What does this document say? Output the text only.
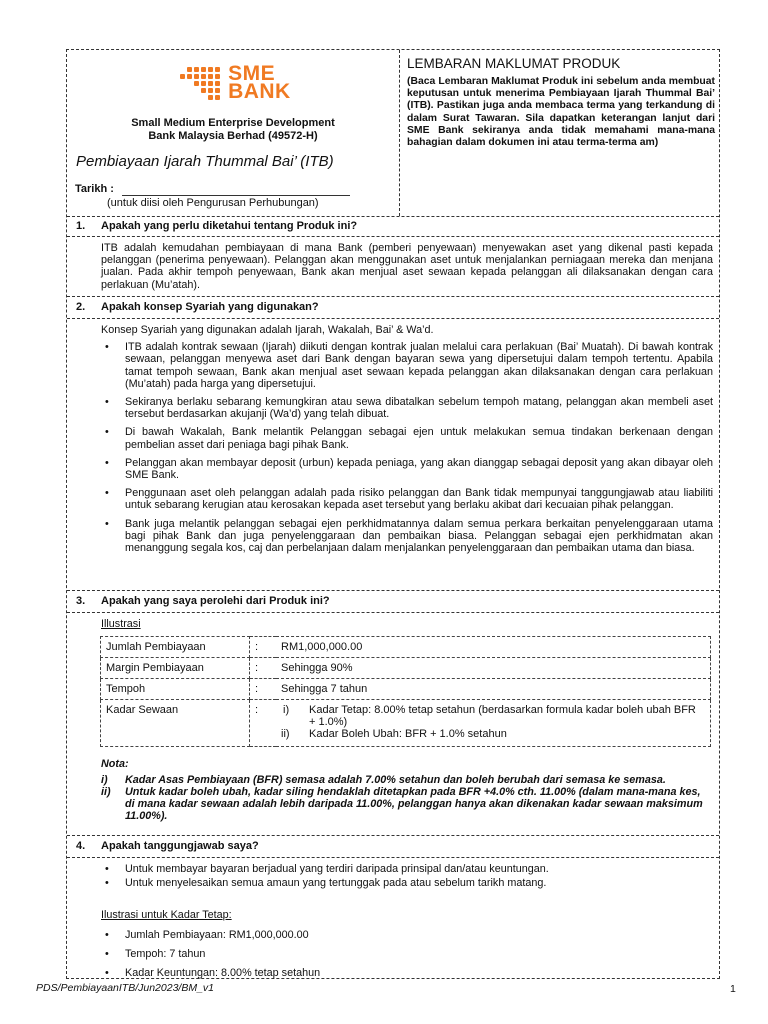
SME
BANK
Small Medium Enterprise Development
Bank Malaysia Berhad (49572-H)
Pembiayaan Ijarah Thummal Bai’ (ITB)
Tarikh :
(untuk diisi oleh Pengurusan Perhubungan)
LEMBARAN MAKLUMAT PRODUK

(Baca Lembaran Maklumat Produk ini sebelum anda membuat keputusan untuk menerima Pembiayaan Ijarah Thummal Bai’ (ITB). Pastikan juga anda membaca terma yang terkandung di dalam Surat Tawaran. Sila dapatkan keterangan lanjut dari SME Bank sekiranya anda tidak memahami mana-mana bahagian dalam dokumen ini atau terma-terma am)

1. Apakah yang perlu diketahui tentang Produk ini?
ITB adalah kemudahan pembiayaan di mana Bank (pemberi penyewaan) menyewakan aset yang dikenal pasti kepada pelanggan (penerima penyewaan). Pelanggan akan menggunakan aset untuk menjalankan perniagaan mereka dan menjana jualan. Pada akhir tempoh penyewaan, Bank akan menjual aset sewaan kepada pelanggan ali dilaksanakan dengan cara perlakuan (Mu’atah).
2. Apakah konsep Syariah yang digunakan?
Konsep Syariah yang digunakan adalah Ijarah, Wakalah, Bai’ & Wa’d.
• ITB adalah kontrak sewaan (Ijarah) diikuti dengan kontrak jualan melalui cara perlakuan (Bai’ Muatah). Di bawah kontrak sewaan, pelanggan menyewa aset dari Bank dengan bayaran sewa yang dipersetujui dalam tempoh tertentu. Apabila tamat tempoh sewaan, Bank akan menjual aset sewaan kepada pelanggan akan dilaksanakan dengan cara perlakuan (Mu’atah) pada harga yang dipersetujui.
• Sekiranya berlaku sebarang kemungkiran atau sewa dibatalkan sebelum tempoh matang, pelanggan akan membeli aset tersebut berdasarkan akujanji (Wa’d) yang telah dibuat.
• Di bawah Wakalah, Bank melantik Pelanggan sebagai ejen untuk melakukan semua tindakan berkenaan dengan pembelian asset dari peniaga bagi pihak Bank.
• Pelanggan akan membayar deposit (urbun) kepada peniaga, yang akan dianggap sebagai deposit yang akan dibayar oleh SME Bank.
• Penggunaan aset oleh pelanggan adalah pada risiko pelanggan dan Bank tidak mempunyai tanggungjawab atau liabiliti untuk sebarang kerugian atau kerosakan kepada aset tersebut yang berlaku akibat dari kecuaian pihak pelanggan.
• Bank juga melantik pelanggan sebagai ejen perkhidmatannya dalam semua perkara berkaitan penyelenggaraan utama bagi pihak Bank dan juga penyelenggaraan dan pembaikan biasa. Pelanggan sebagai ejen perkhidmatan akan menanggung segala kos, caj dan perbelanjaan dalam menjalankan penyelenggaraan dan pembaikan utama dan biasa.
3. Apakah yang saya perolehi dari Produk ini?
Illustrasi
Jumlah Pembiayaan	:	RM1,000,000.00
Margin Pembiayaan	:	Sehingga 90%
Tempoh	:	Sehingga 7 tahun
Kadar Sewaan	:	i) Kadar Tetap: 8.00% tetap setahun (berdasarkan formula kadar boleh ubah BFR + 1.0%)
ii) Kadar Boleh Ubah: BFR + 1.0% setahun
Nota:
i) Kadar Asas Pembiayaan (BFR) semasa adalah 7.00% setahun dan boleh berubah dari semasa ke semasa.
ii) Untuk kadar boleh ubah, kadar siling hendaklah ditetapkan pada BFR +4.0% cth. 11.00% (dalam mana-mana kes, di mana kadar sewaan adalah lebih daripada 11.00%, pelanggan hanya akan dikenakan kadar sewaan maksimum 11.00%).
4. Apakah tanggungjawab saya?
• Untuk membayar bayaran berjadual yang terdiri daripada prinsipal dan/atau keuntungan.
• Untuk menyelesaikan semua amaun yang tertunggak pada atau sebelum tarikh matang.
Ilustrasi untuk Kadar Tetap:
• Jumlah Pembiayaan: RM1,000,000.00
• Tempoh: 7 tahun
• Kadar Keuntungan: 8.00% tetap setahun
PDS/PembiayaanITB/Jun2023/BM_v1	1
